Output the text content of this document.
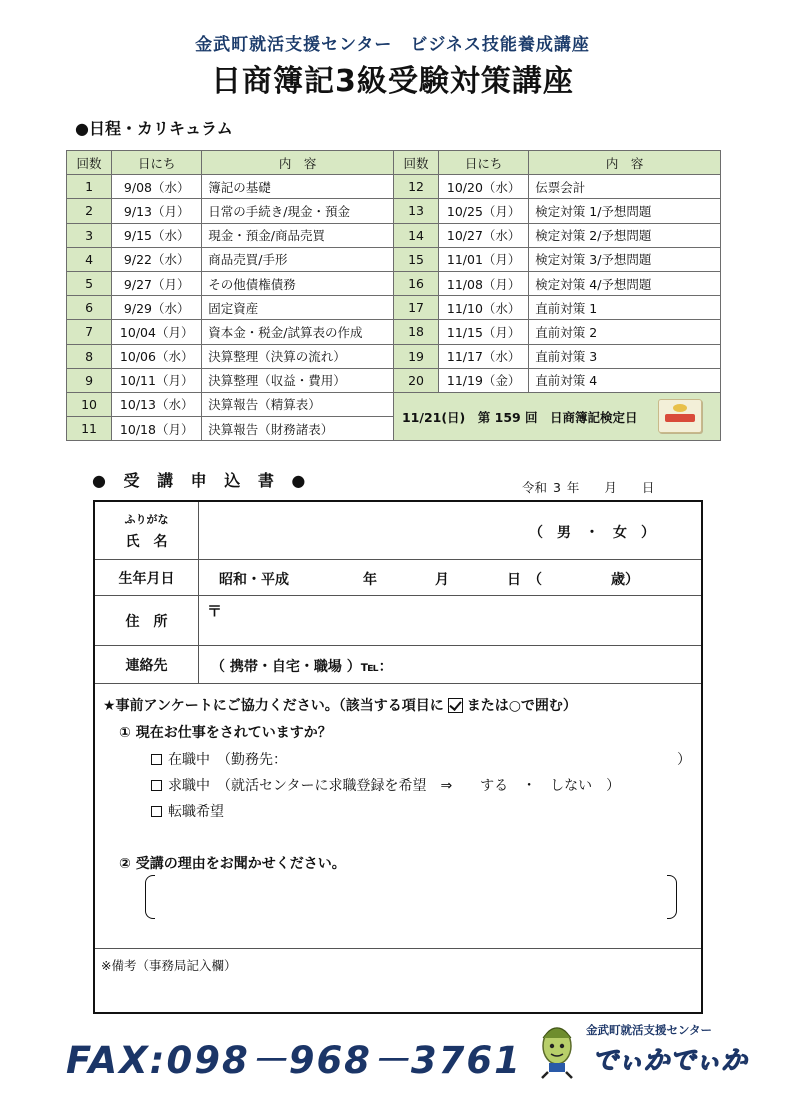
金武町就活支援センター　ビジネス技能養成講座
日商簿記3級受験対策講座
●日程・カリキュラム
回数	日にち	内　容	回数	日にち	内　容
1	9/08（水）	簿記の基礎	12	10/20（水）	伝票会計
2	9/13（月）	日常の手続き/現金・預金	13	10/25（月）	検定対策 1/予想問題
3	9/15（水）	現金・預金/商品売買	14	10/27（水）	検定対策 2/予想問題
4	9/22（水）	商品売買/手形	15	11/01（月）	検定対策 3/予想問題
5	9/27（月）	その他債権債務	16	11/08（月）	検定対策 4/予想問題
6	9/29（水）	固定資産	17	11/10（水）	直前対策 1
7	10/04（月）	資本金・税金/試算表の作成	18	11/15（月）	直前対策 2
8	10/06（水）	決算整理（決算の流れ）	19	11/17（水）	直前対策 3
9	10/11（月）	決算整理（収益・費用）	20	11/19（金）	直前対策 4
10	10/13（水）	決算報告（精算表）	11/21(日)　第 159 回　日商簿記検定日		

11	10/18（月）	決算報告（財務諸表）			
● 受 講 申 込 書 ●	令和 3 年　　月　　日
ふりがな
氏　名
（　男　・　女　）
生年月日	昭和・平成	年	月	日　（	歳）
住　所
〒
連絡先	（ 携帯・自宅・職場 ）℡：
★事前アンケートにご協力ください。（該当する項目に または○で囲む）
① 現在お仕事をされていますか？
在職中　（勤務先：	）
求職中　（就活センターに求職登録を希望　⇒　　する　・　しない　）
転職希望
② 受講の理由をお聞かせください。
※備考（事務局記入欄）
FAX:098－968－3761
金武町就活支援センター
でぃかでぃか
